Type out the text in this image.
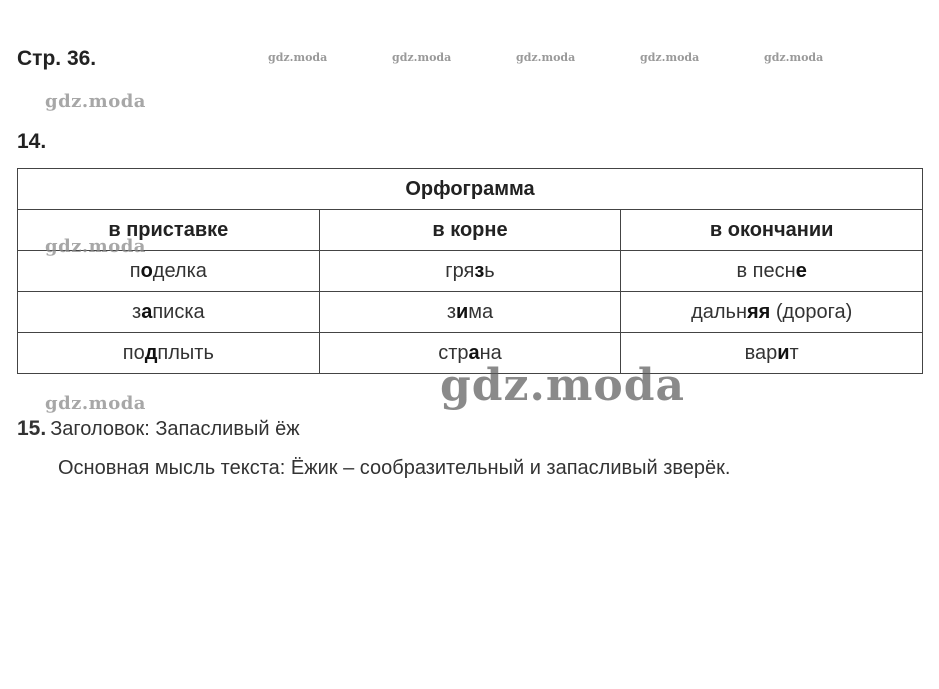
Стр. 36.	gdz.moda	gdz.moda	gdz.moda	gdz.moda	gdz.moda
gdz.moda
14.
Орфограмма		
в приставке	в корне	в окончании
поделка	грязь	в песне
записка	зима	дальняя (дорога)
подплыть	страна	варит
gdz.moda
gdz.moda	gdz.moda
15. Заголовок: Запасливый ёж
Основная мысль текста: Ёжик – сообразительный и запасливый зверёк.
